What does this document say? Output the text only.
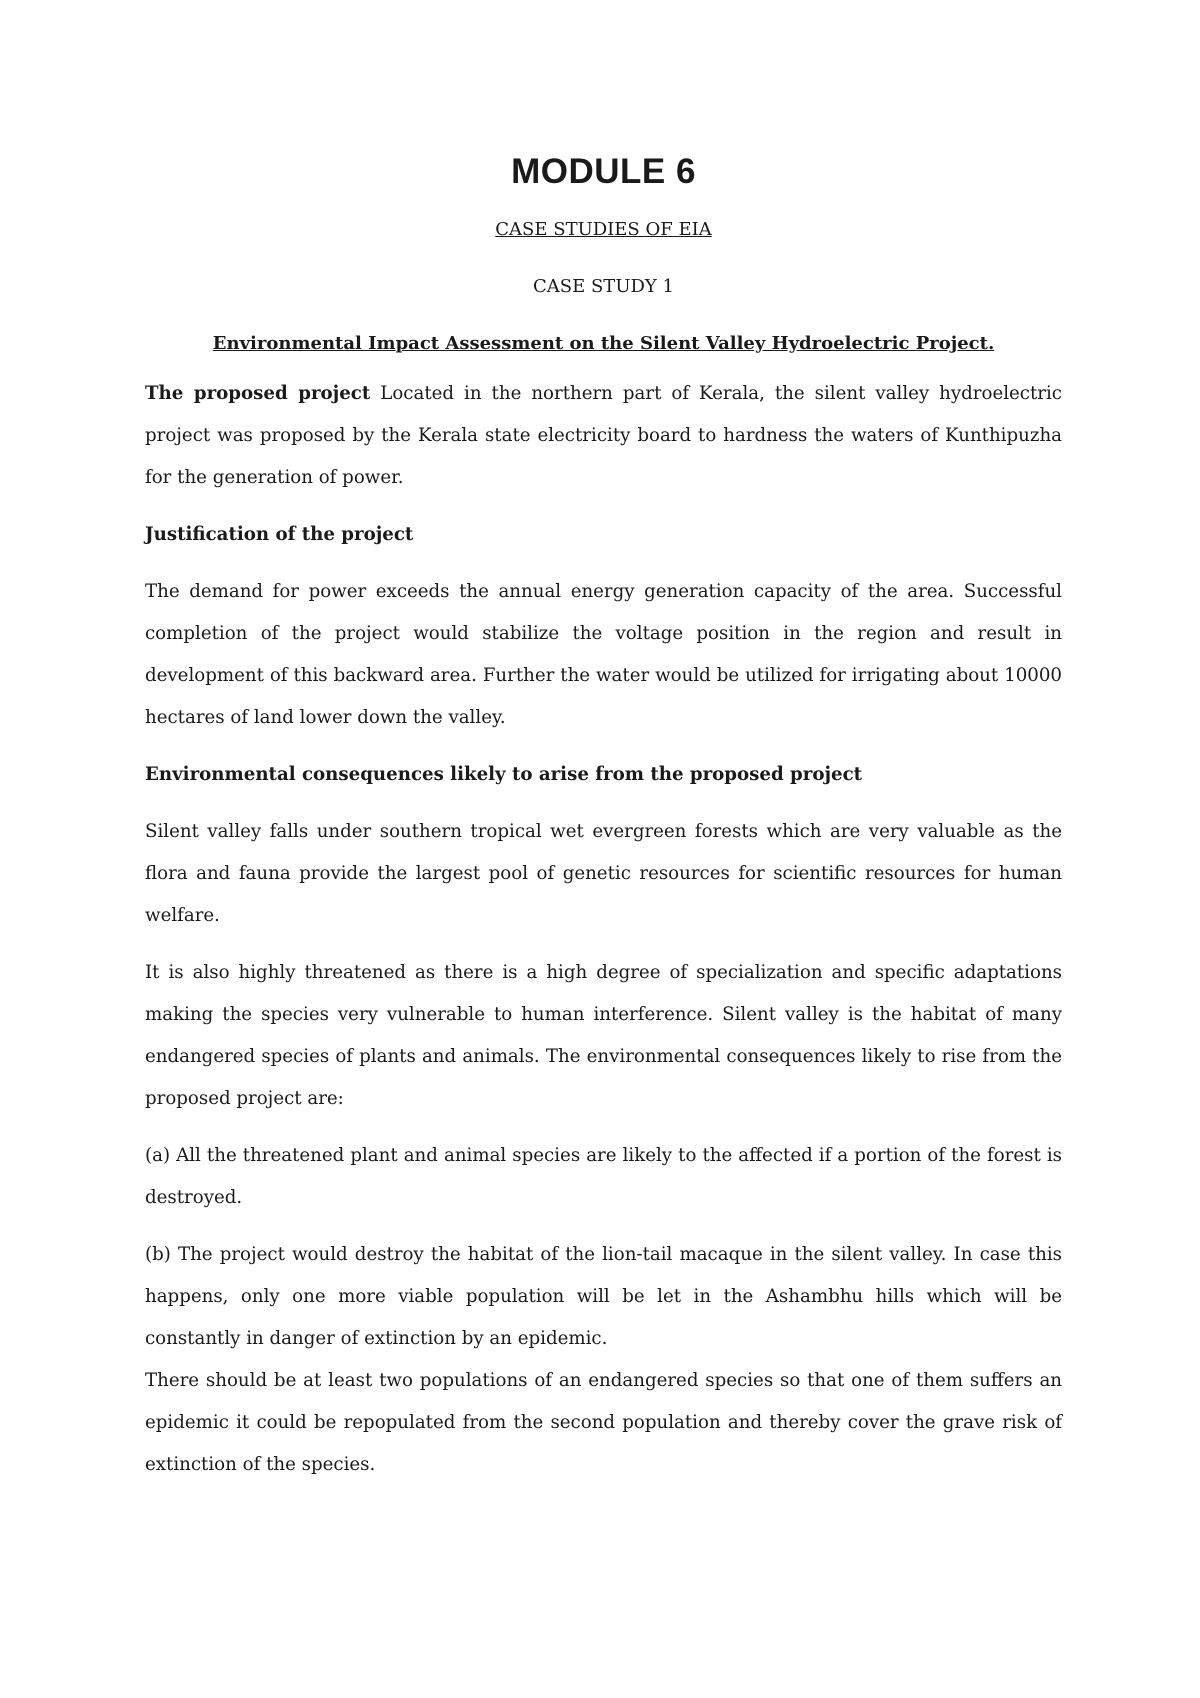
MODULE 6

CASE STUDIES OF EIA

CASE STUDY 1

Environmental Impact Assessment on the Silent Valley Hydroelectric Project.

The proposed project Located in the northern part of Kerala, the silent valley hydroelectric project was proposed by the Kerala state electricity board to hardness the waters of Kunthipuzha for the generation of power.

Justification of the project

The demand for power exceeds the annual energy generation capacity of the area. Successful completion of the project would stabilize the voltage position in the region and result in development of this backward area. Further the water would be utilized for irrigating about 10000 hectares of land lower down the valley.

Environmental consequences likely to arise from the proposed project

Silent valley falls under southern tropical wet evergreen forests which are very valuable as the flora and fauna provide the largest pool of genetic resources for scientific resources for human welfare.

It is also highly threatened as there is a high degree of specialization and specific adaptations making the species very vulnerable to human interference. Silent valley is the habitat of many endangered species of plants and animals. The environmental consequences likely to rise from the proposed project are:

(a) All the threatened plant and animal species are likely to the affected if a portion of the forest is destroyed.

(b) The project would destroy the habitat of the lion-tail macaque in the silent valley. In case this happens, only one more viable population will be let in the Ashambhu hills which will be constantly in danger of extinction by an epidemic.

There should be at least two populations of an endangered species so that one of them suffers an epidemic it could be repopulated from the second population and thereby cover the grave risk of extinction of the species.
